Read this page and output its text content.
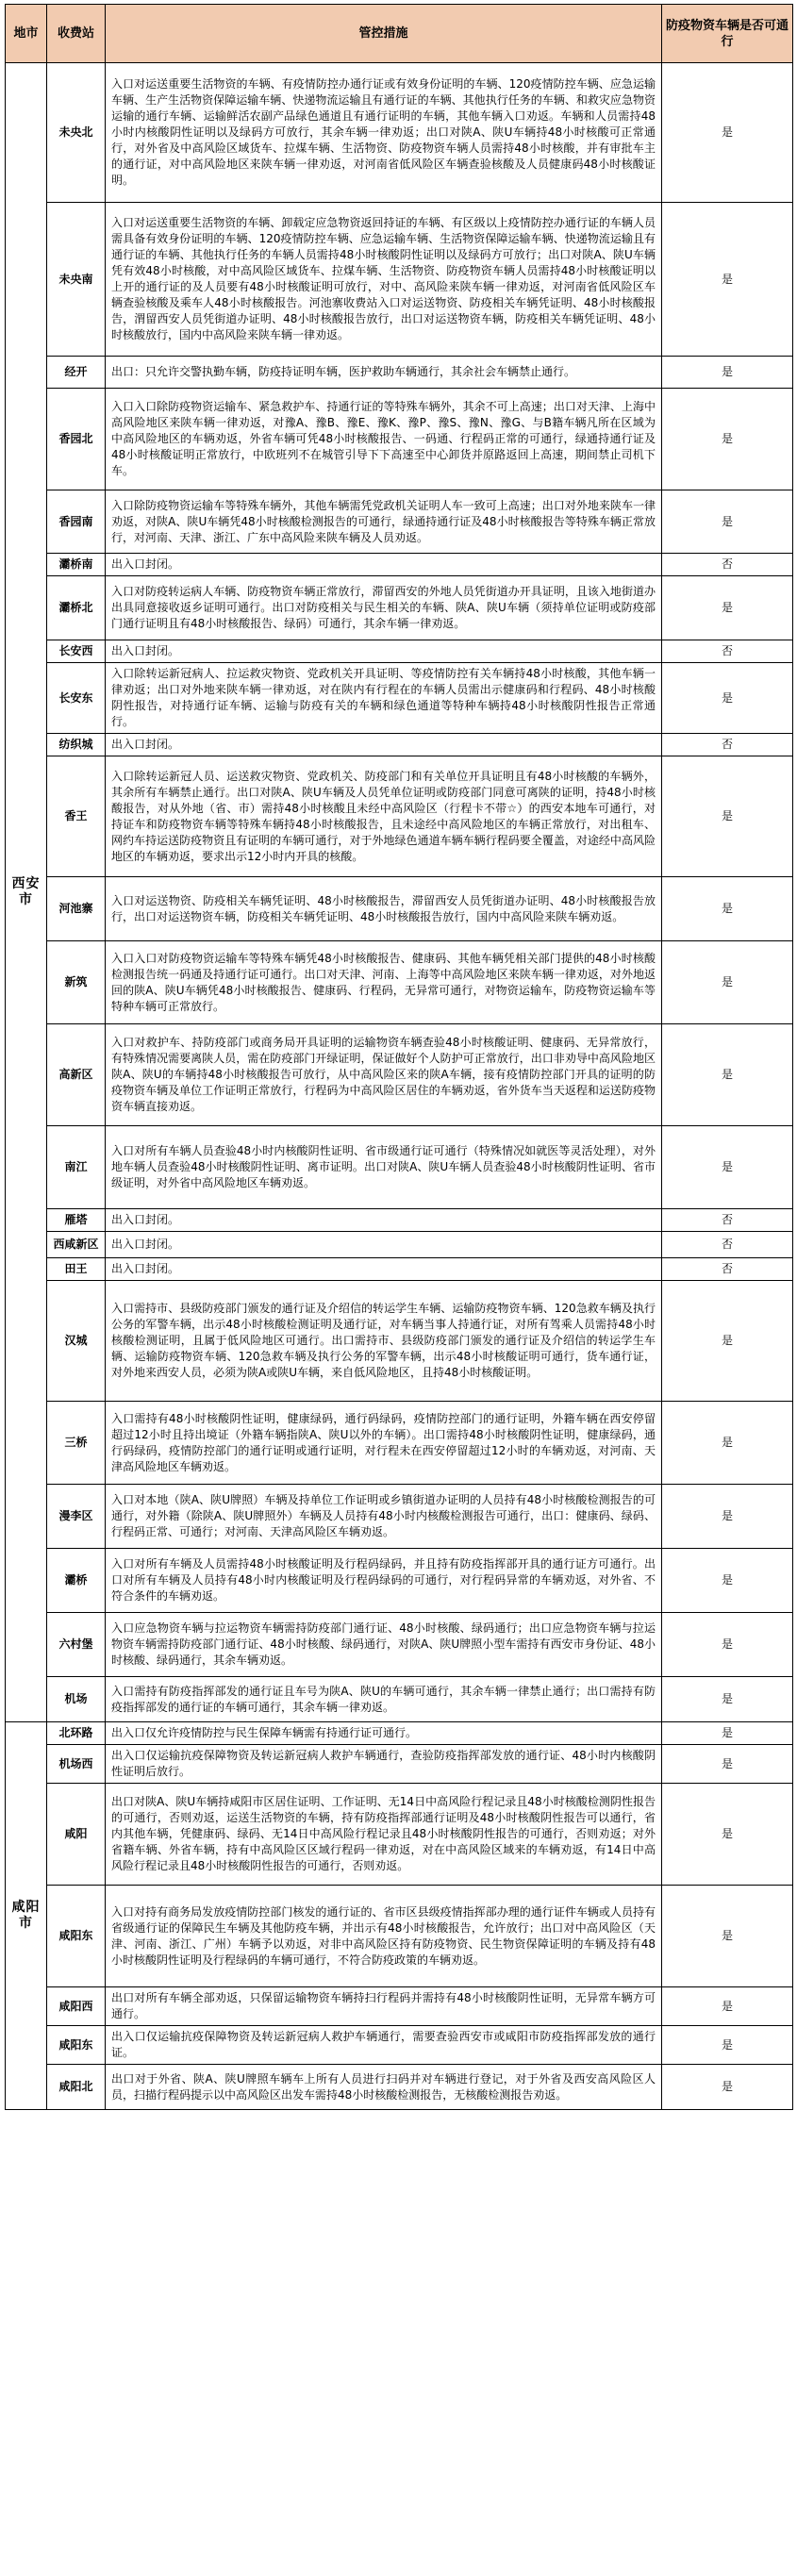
地市	收费站	管控措施	防疫物资车辆是否可通行
西安市	未央北	入口对运送重要生活物资的车辆、有疫情防控办通行证或有效身份证明的车辆、120疫情防控车辆、应急运输车辆、生产生活物资保障运输车辆、快递物流运输且有通行证的车辆、其他执行任务的车辆、和救灾应急物资运输的通行车辆、运输鲜活农副产品绿色通道且有通行证明的车辆，其他车辆入口劝返。车辆和人员需持48小时内核酸阴性证明以及绿码方可放行，其余车辆一律劝返；出口对陕A、陕U车辆持48小时核酸可正常通行，对外省及中高风险区域货车、拉煤车辆、生活物资、防疫物资车辆人员需持48小时核酸，并有审批车主的通行证，对中高风险地区来陕车辆一律劝返，对河南省低风险区车辆查验核酸及人员健康码48小时核酸证明。	是
	未央南	入口对运送重要生活物资的车辆、卸载定应急物资返回持证的车辆、有区级以上疫情防控办通行证的车辆人员需具备有效身份证明的车辆、120疫情防控车辆、应急运输车辆、生活物资保障运输车辆、快递物流运输且有通行证的车辆、其他执行任务的车辆人员需持48小时核酸阴性证明以及绿码方可放行；出口对陕A、陕U车辆凭有效48小时核酸，对中高风险区域货车、拉煤车辆、生活物资、防疫物资车辆人员需持48小时核酸证明以上开的通行证的及人员要有48小时核酸证明可放行，对中、高风险来陕车辆一律劝返，对河南省低风险区车辆查验核酸及乘车人48小时核酸报告。河池寨收费站入口对运送物资、防疫相关车辆凭证明、48小时核酸报告，渭留西安人员凭街道办证明、48小时核酸报告放行，出口对运送物资车辆，防疫相关车辆凭证明、48小时核酸放行，国内中高风险来陕车辆一律劝返。	是
	经开	出口：只允许交警执勤车辆，防疫持证明车辆，医护救助车辆通行，其余社会车辆禁止通行。	是
	香园北	入口入口除防疫物资运输车、紧急救护车、持通行证的等特殊车辆外，其余不可上高速；出口对天津、上海中高风险地区来陕车辆一律劝返，对豫A、豫B、豫E、豫K、豫P、豫S、豫N、豫G、与B籍车辆凡所在区域为中高风险地区的车辆劝返，外省车辆可凭48小时核酸报告、一码通、行程码正常的可通行，绿通持通行证及48小时核酸证明正常放行，中欧班列不在城管引导下下高速至中心卸货并原路返回上高速，期间禁止司机下车。	是
	香园南	入口除防疫物资运输车等特殊车辆外，其他车辆需凭党政机关证明人车一致可上高速；出口对外地来陕车一律劝返，对陕A、陕U车辆凭48小时核酸检测报告的可通行，绿通持通行证及48小时核酸报告等特殊车辆正常放行，对河南、天津、浙江、广东中高风险来陕车辆及人员劝返。	是
	灞桥南	出入口封闭。	否
	灞桥北	入口对防疫转运病人车辆、防疫物资车辆正常放行，滞留西安的外地人员凭街道办开具证明，且该入地街道办出具同意接收返乡证明可通行。出口对防疫相关与民生相关的车辆、陕A、陕U车辆（须持单位证明或防疫部门通行证明且有48小时核酸报告、绿码）可通行，其余车辆一律劝返。	是
	长安西	出入口封闭。	否
	长安东	入口除转运新冠病人、拉运救灾物资、党政机关开具证明、等疫情防控有关车辆持48小时核酸，其他车辆一律劝返；出口对外地来陕车辆一律劝返，对在陕内有行程在的车辆人员需出示健康码和行程码、48小时核酸阴性报告，对持通行证车辆、运输与防疫有关的车辆和绿色通道等特种车辆持48小时核酸阴性报告正常通行。	是
	纺织城	出入口封闭。	否
	香王	入口除转运新冠人员、运送救灾物资、党政机关、防疫部门和有关单位开具证明且有48小时核酸的车辆外，其余所有车辆禁止通行。出口对陕A、陕U车辆及人员凭单位证明或防疫部门同意可离陕的证明，持48小时核酸报告，对从外地（省、市）需持48小时核酸且未经中高风险区（行程卡不带☆）的西安本地车可通行，对持证车和防疫物资车辆等特殊车辆持48小时核酸报告，且未途经中高风险地区的车辆正常放行，对出租车、网约车持运送防疫物资且有证明的车辆可通行，对于外地绿色通道车辆车辆行程码要全覆盖，对途经中高风险地区的车辆劝返，要求出示12小时内开具的核酸。	是
	河池寨	入口对运送物资、防疫相关车辆凭证明、48小时核酸报告，滞留西安人员凭街道办证明、48小时核酸报告放行，出口对运送物资车辆，防疫相关车辆凭证明、48小时核酸报告放行，国内中高风险来陕车辆劝返。	是
	新筑	入口入口对防疫物资运输车等特殊车辆凭48小时核酸报告、健康码、其他车辆凭相关部门提供的48小时核酸检测报告统一码通及持通行证可通行。出口对天津、河南、上海等中高风险地区来陕车辆一律劝返，对外地返回的陕A、陕U车辆凭48小时核酸报告、健康码、行程码，无异常可通行，对物资运输车，防疫物资运输车等特种车辆可正常放行。	是
	高新区	入口对救护车、持防疫部门或商务局开具证明的运输物资车辆查验48小时核酸证明、健康码、无异常放行，有特殊情况需要离陕人员，需在防疫部门开绿证明，保证做好个人防护可正常放行，出口非劝导中高风险地区陕A、陕U的车辆持48小时核酸报告可放行，从中高风险区来的陕A车辆，接有疫情防控部门开具的证明的防疫物资车辆及单位工作证明正常放行，行程码为中高风险区居住的车辆劝返，省外货车当天返程和运送防疫物资车辆直接劝返。	是
	南江	入口对所有车辆人员查验48小时内核酸阴性证明、省市级通行证可通行（特殊情况如就医等灵活处理），对外地车辆人员查验48小时核酸阴性证明、离市证明。出口对陕A、陕U车辆人员查验48小时核酸阴性证明、省市级证明，对外省中高风险地区车辆劝返。	是
	雁塔	出入口封闭。	否
	西咸新区	出入口封闭。	否
	田王	出入口封闭。	否
	汉城	入口需持市、县级防疫部门颁发的通行证及介绍信的转运学生车辆、运输防疫物资车辆、120急救车辆及执行公务的军警车辆，出示48小时核酸检测证明及通行证，对车辆当事人持通行证，对所有驾乘人员需持48小时核酸检测证明，且属于低风险地区可通行。出口需持市、县级防疫部门颁发的通行证及介绍信的转运学生车辆、运输防疫物资车辆、120急救车辆及执行公务的军警车辆，出示48小时核酸证明可通行，货车通行证，对外地来西安人员，必须为陕A或陕U车辆，来自低风险地区，且持48小时核酸证明。	是
	三桥	入口需持有48小时核酸阴性证明，健康绿码，通行码绿码，疫情防控部门的通行证明，外籍车辆在西安停留超过12小时且持出境证（外籍车辆指陕A、陕U以外的车辆）。出口需持48小时核酸阴性证明，健康绿码，通行码绿码，疫情防控部门的通行证明或通行证明，对行程未在西安停留超过12小时的车辆劝返，对河南、天津高风险地区车辆劝返。	是
	漫李区	入口对本地（陕A、陕U牌照）车辆及持单位工作证明或乡镇街道办证明的人员持有48小时核酸检测报告的可通行，对外籍（除陕A、陕U牌照外）车辆及人员持有48小时内核酸检测报告可通行，出口：健康码、绿码、行程码正常、可通行；对河南、天津高风险区车辆劝返。	是
	灞桥	入口对所有车辆及人员需持48小时核酸证明及行程码绿码，并且持有防疫指挥部开具的通行证方可通行。出口对所有车辆及人员持有48小时内核酸证明及行程码绿码的可通行，对行程码异常的车辆劝返，对外省、不符合条件的车辆劝返。	是
	六村堡	入口应急物资车辆与拉运物资车辆需持防疫部门通行证、48小时核酸、绿码通行；出口应急物资车辆与拉运物资车辆需持防疫部门通行证、48小时核酸、绿码通行，对陕A、陕U牌照小型车需持有西安市身份证、48小时核酸、绿码通行，其余车辆劝返。	是
	机场	入口需持有防疫指挥部发的通行证且车号为陕A、陕U的车辆可通行，其余车辆一律禁止通行；出口需持有防疫指挥部发的通行证的车辆可通行，其余车辆一律劝返。	是
咸阳市	北环路	出入口仅允许疫情防控与民生保障车辆需有持通行证可通行。	是
	机场西	出入口仅运输抗疫保障物资及转运新冠病人救护车辆通行，查验防疫指挥部发放的通行证、48小时内核酸阴性证明后放行。	是
	咸阳	出口对陕A、陕U车辆持咸阳市区居住证明、工作证明、无14日中高风险行程记录且48小时核酸检测阴性报告的可通行，否则劝返，运送生活物资的车辆，持有防疫指挥部通行证明及48小时核酸阴性报告可以通行，省内其他车辆，凭健康码、绿码、无14日中高风险行程记录且48小时核酸阴性报告的可通行，否则劝返；对外省籍车辆、外省车辆，持有中高风险区区域行程码一律劝返，对在中高风险区域来的车辆劝返，有14日中高风险行程记录且48小时核酸阴性报告的可通行，否则劝返。	是
	咸阳东	入口对持有商务局发放疫情防控部门核发的通行证的、省市区县级疫情指挥部办理的通行证件车辆或人员持有省级通行证的保障民生车辆及其他防疫车辆，并出示有48小时核酸报告，允许放行；出口对中高风险区（天津、河南、浙江、广州）车辆予以劝返，对非中高风险区持有防疫物资、民生物资保障证明的车辆及持有48小时核酸阴性证明及行程绿码的车辆可通行，不符合防疫政策的车辆劝返。	是
	咸阳西	出口对所有车辆全部劝返，只保留运输物资车辆持扫行程码并需持有48小时核酸阴性证明，无异常车辆方可通行。	是
	咸阳东	出入口仅运输抗疫保障物资及转运新冠病人救护车辆通行，需要查验西安市或咸阳市防疫指挥部发放的通行证。	是
	咸阳北	出口对于外省、陕A、陕U牌照车辆车上所有人员进行扫码并对车辆进行登记，对于外省及西安高风险区人员，扫描行程码提示以中高风险区出发车需持48小时核酸检测报告，无核酸检测报告劝返。	是
